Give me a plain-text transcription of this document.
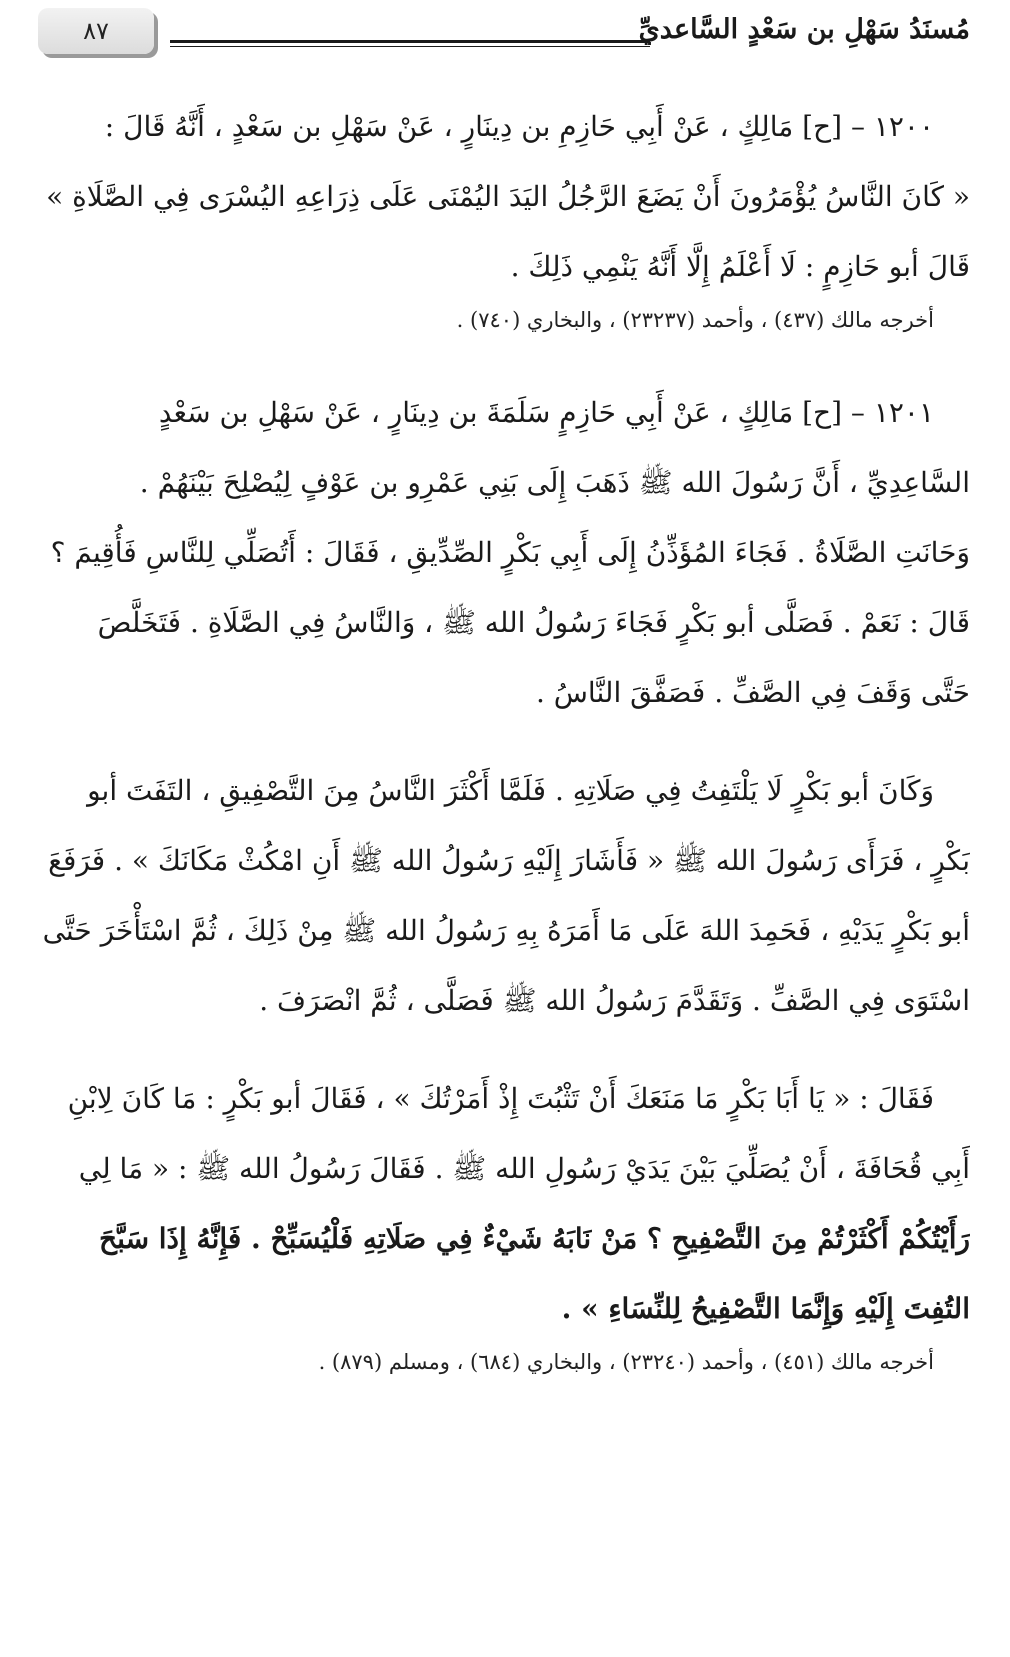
٨٧	مُسنَدُ سَهْلِ بن سَعْدٍ السَّاعديِّ
١٢٠٠ – [ح] مَالِكٍ ، عَنْ أَبِي حَازِمِ بن دِينَارٍ ، عَنْ سَهْلِ بن سَعْدٍ ، أَنَّهُ قَالَ :
« كَانَ النَّاسُ يُؤْمَرُونَ أَنْ يَضَعَ الرَّجُلُ اليَدَ اليُمْنَى عَلَى ذِرَاعِهِ اليُسْرَى فِي الصَّلَاةِ »
قَالَ أبو حَازِمٍ : لَا أَعْلَمُ إِلَّا أَنَّهُ يَنْمِي ذَلِكَ .

أخرجه مالك (٤٣٧) ، وأحمد (٢٣٢٣٧) ، والبخاري (٧٤٠) .

١٢٠١ – [ح] مَالِكٍ ، عَنْ أَبِي حَازِمٍ سَلَمَةَ بن دِينَارٍ ، عَنْ سَهْلِ بن سَعْدٍ
السَّاعِدِيِّ ، أَنَّ رَسُولَ الله ﷺ ذَهَبَ إِلَى بَنِي عَمْرِو بن عَوْفٍ لِيُصْلِحَ بَيْنَهُمْ .
وَحَانَتِ الصَّلَاةُ . فَجَاءَ المُؤَذِّنُ إِلَى أَبِي بَكْرٍ الصِّدِّيقِ ، فَقَالَ : أَتُصَلِّي لِلنَّاسِ فَأُقِيمَ ؟
قَالَ : نَعَمْ . فَصَلَّى أبو بَكْرٍ فَجَاءَ رَسُولُ الله ﷺ ، وَالنَّاسُ فِي الصَّلَاةِ . فَتَخَلَّصَ
حَتَّى وَقَفَ فِي الصَّفِّ . فَصَفَّقَ النَّاسُ .
وَكَانَ أبو بَكْرٍ لَا يَلْتَفِتُ فِي صَلَاتِهِ . فَلَمَّا أَكْثَرَ النَّاسُ مِنَ التَّصْفِيقِ ، التَفَتَ أبو
بَكْرٍ ، فَرَأَى رَسُولَ الله ﷺ « فَأَشَارَ إِلَيْهِ رَسُولُ الله ﷺ أَنِ امْكُثْ مَكَانَكَ » . فَرَفَعَ
أبو بَكْرٍ يَدَيْهِ ، فَحَمِدَ اللهَ عَلَى مَا أَمَرَهُ بِهِ رَسُولُ الله ﷺ مِنْ ذَلِكَ ، ثُمَّ اسْتَأْخَرَ حَتَّى
اسْتَوَى فِي الصَّفِّ . وَتَقَدَّمَ رَسُولُ الله ﷺ فَصَلَّى ، ثُمَّ انْصَرَفَ .
فَقَالَ : « يَا أَبَا بَكْرٍ مَا مَنَعَكَ أَنْ تَثْبُتَ إِذْ أَمَرْتُكَ » ، فَقَالَ أبو بَكْرٍ : مَا كَانَ لِابْنِ
أَبِي قُحَافَةَ ، أَنْ يُصَلِّيَ بَيْنَ يَدَيْ رَسُولِ الله ﷺ . فَقَالَ رَسُولُ الله ﷺ : « مَا لِي
رَأَيْتُكُمْ أَكْثَرْتُمْ مِنَ التَّصْفِيحِ ؟ مَنْ نَابَهُ شَيْءٌ فِي صَلَاتِهِ فَلْيُسَبِّحْ . فَإِنَّهُ إِذَا سَبَّحَ
التُفِتَ إِلَيْهِ وَإِنَّمَا التَّصْفِيحُ لِلنِّسَاءِ » .

أخرجه مالك (٤٥١) ، وأحمد (٢٣٢٤٠) ، والبخاري (٦٨٤) ، ومسلم (٨٧٩) .
